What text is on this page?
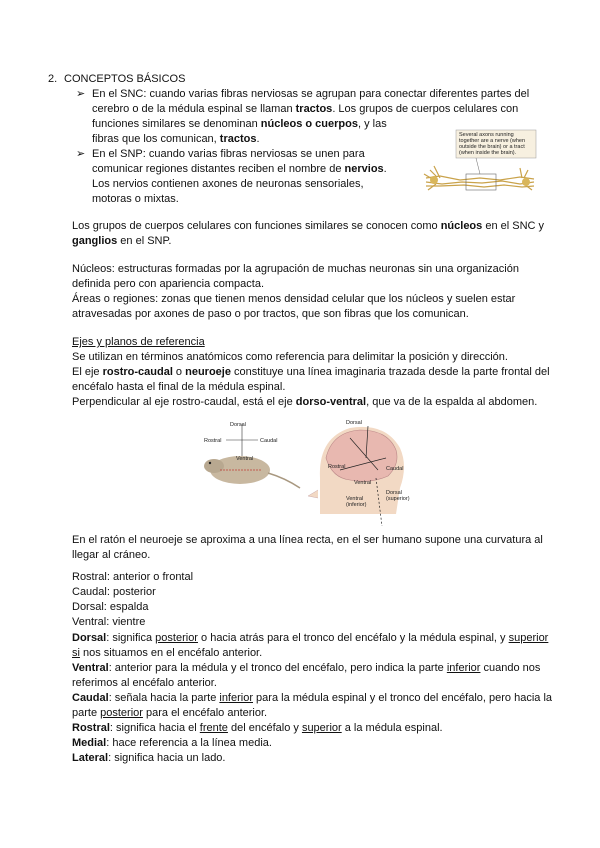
2. CONCEPTOS BÁSICOS
➢ En el SNC: cuando varias fibras nerviosas se agrupan para conectar diferentes partes del
cerebro o de la médula espinal se llaman tractos. Los grupos de cuerpos celulares con
funciones similares se denominan núcleos o cuerpos, y las
fibras que los comunican, tractos.
➢ En el SNP: cuando varias fibras nerviosas se unen para
comunicar regiones distantes reciben el nombre de nervios.
Los nervios contienen axones de neuronas sensoriales,
motoras o mixtas.
Several axons running
together are a nerve (when
outside the brain) or a tract
(when inside the brain).
Los grupos de cuerpos celulares con funciones similares se conocen como núcleos en el SNC y
ganglios en el SNP.
Núcleos: estructuras formadas por la agrupación de muchas neuronas sin una organización
definida pero con apariencia compacta.
Áreas o regiones: zonas que tienen menos densidad celular que los núcleos y suelen estar
atravesadas por axones de paso o por tractos, que son fibras que los comunican.
Ejes y planos de referencia
Se utilizan en términos anatómicos como referencia para delimitar la posición y dirección.
El eje rostro-caudal o neuroeje constituye una línea imaginaria trazada desde la parte frontal del
encéfalo hasta el final de la médula espinal.
Perpendicular al eje rostro-caudal, está el eje dorso-ventral, que va de la espalda al abdomen.
Dorsal
Rostral	Caudal
Ventral
Dorsal
Rostral	Caudal
Ventral
Ventral (inferior)
Dorsal (superior)
En el ratón el neuroeje se aproxima a una línea recta, en el ser humano supone una curvatura al
llegar al cráneo.
Rostral: anterior o frontal
Caudal: posterior
Dorsal: espalda
Ventral: vientre
Dorsal: significa posterior o hacia atrás para el tronco del encéfalo y la médula espinal, y superior
si nos situamos en el encéfalo anterior.
Ventral: anterior para la médula y el tronco del encéfalo, pero indica la parte inferior cuando nos
referimos al encéfalo anterior.
Caudal: señala hacia la parte inferior para la médula espinal y el tronco del encéfalo, pero hacia la
parte posterior para el encéfalo anterior.
Rostral: significa hacia el frente del encéfalo y superior a la médula espinal.
Medial: hace referencia a la línea media.
Lateral: significa hacia un lado.
